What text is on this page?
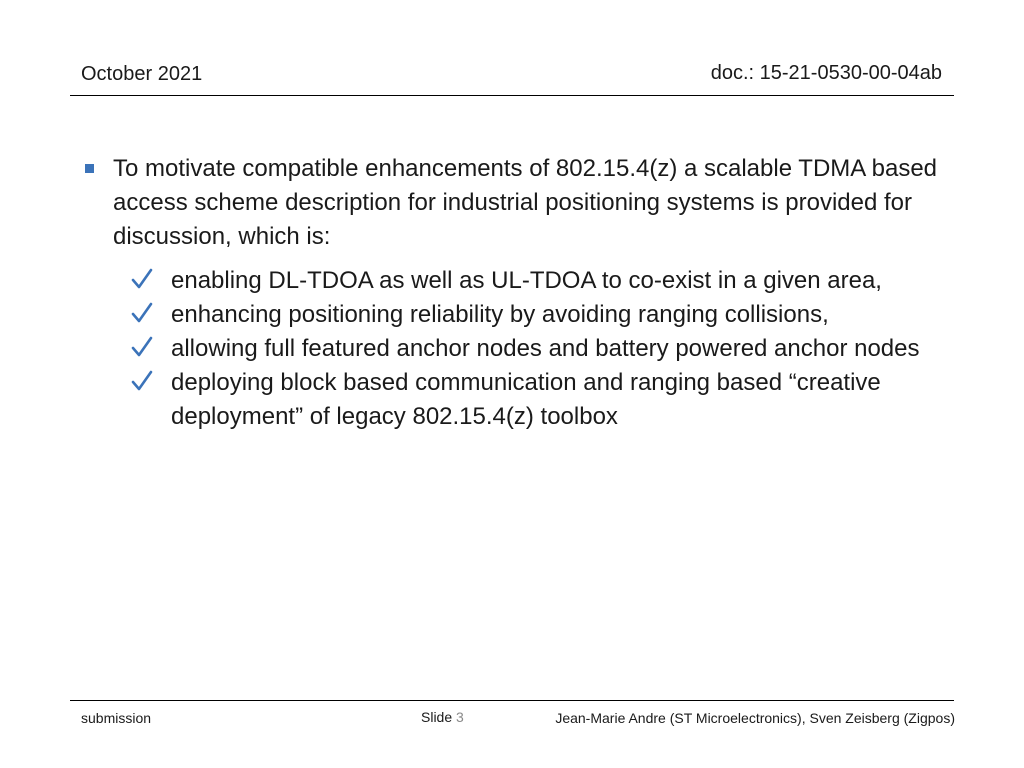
October 2021	doc.: 15-21-0530-00-04ab

To motivate compatible enhancements of 802.15.4(z) a scalable TDMA based access scheme description for industrial positioning systems is provided for discussion, which is:

enabling DL-TDOA as well as UL-TDOA to co-exist in a given area,
enhancing positioning reliability by avoiding ranging collisions,
allowing full featured anchor nodes and battery powered anchor nodes
deploying block based communication and ranging based “creative deployment” of legacy 802.15.4(z) toolbox
submission	Slide 3	Jean-Marie Andre (ST Microelectronics), Sven Zeisberg (Zigpos)
